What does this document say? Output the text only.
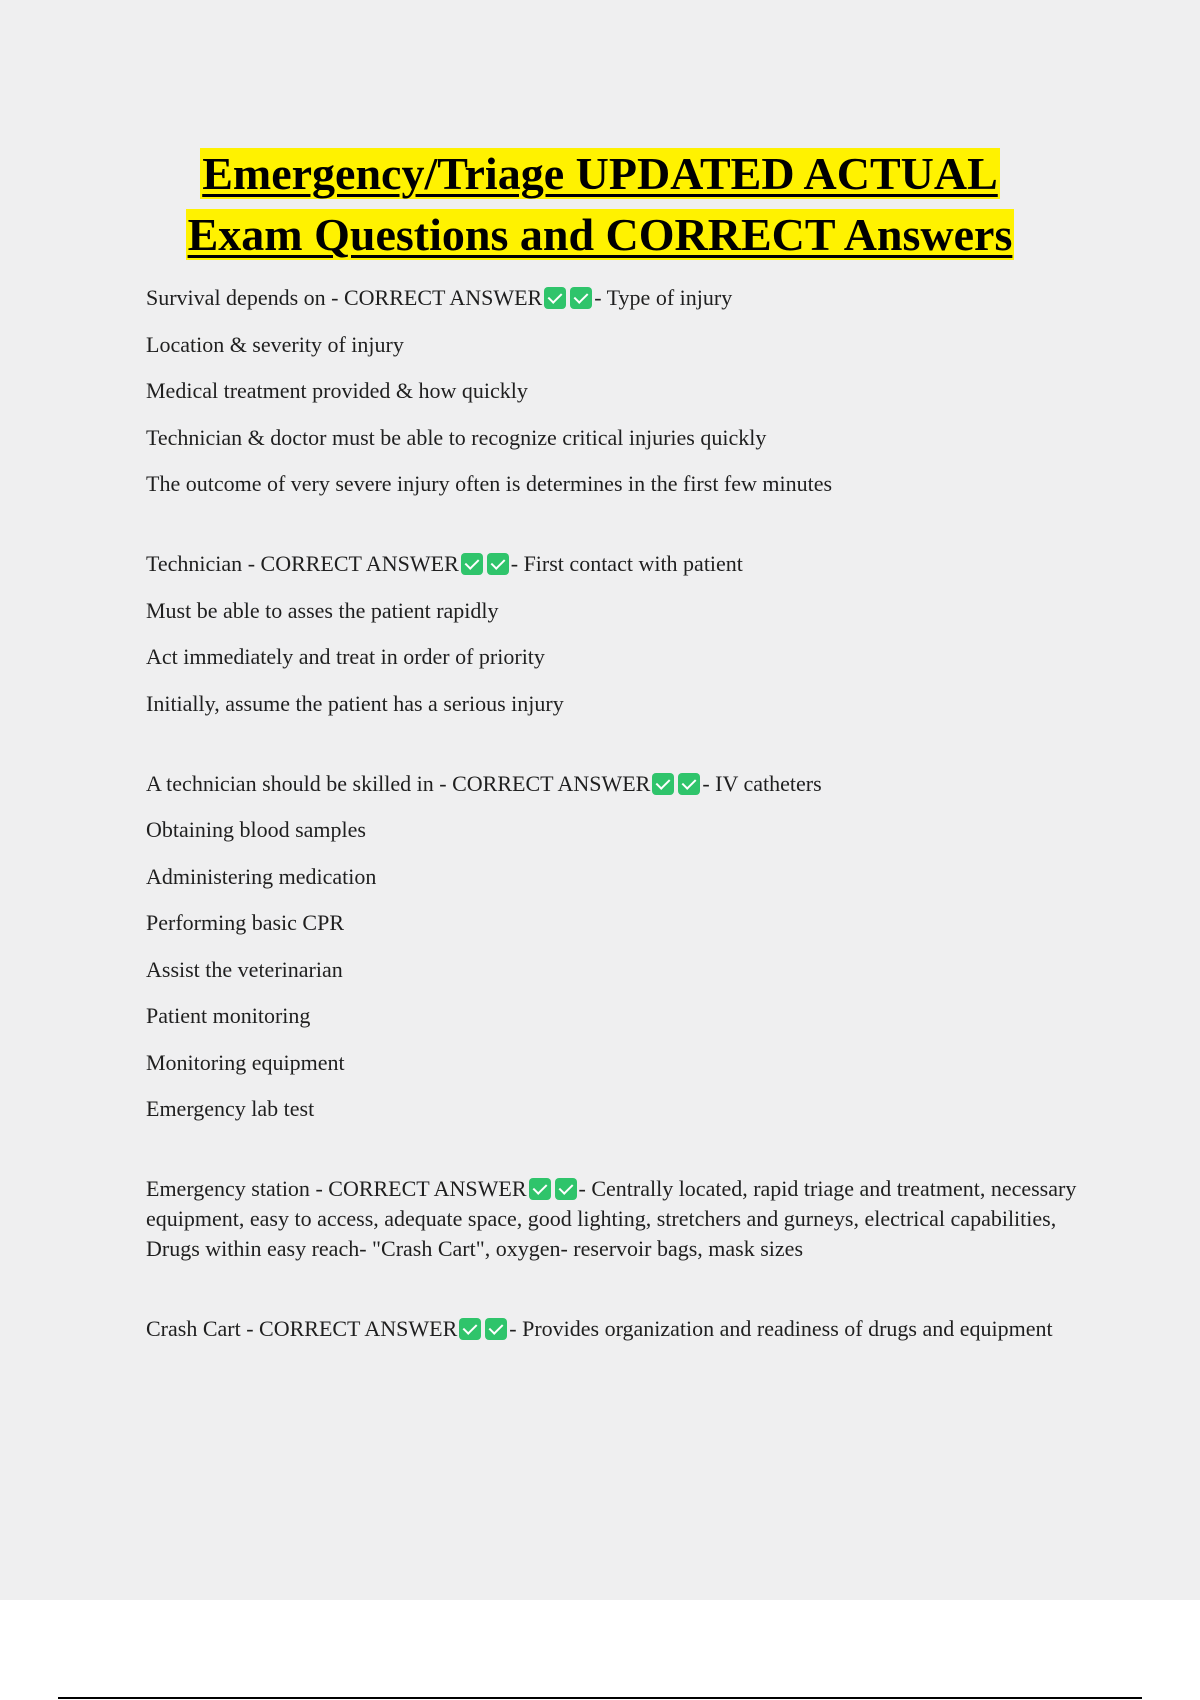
Emergency/Triage UPDATED ACTUAL
Exam Questions and CORRECT Answers
Survival depends on - CORRECT ANSWER - Type of injury
Location & severity of injury
Medical treatment provided & how quickly
Technician & doctor must be able to recognize critical injuries quickly
The outcome of very severe injury often is determines in the first few minutes
Technician - CORRECT ANSWER - First contact with patient
Must be able to asses the patient rapidly
Act immediately and treat in order of priority
Initially, assume the patient has a serious injury
A technician should be skilled in - CORRECT ANSWER - IV catheters
Obtaining blood samples
Administering medication
Performing basic CPR
Assist the veterinarian
Patient monitoring
Monitoring equipment
Emergency lab test
Emergency station - CORRECT ANSWER - Centrally located, rapid triage and treatment, necessary equipment, easy to access, adequate space, good lighting, stretchers and gurneys, electrical capabilities, Drugs within easy reach- "Crash Cart", oxygen- reservoir bags, mask sizes
Crash Cart - CORRECT ANSWER - Provides organization and readiness of drugs and equipment
